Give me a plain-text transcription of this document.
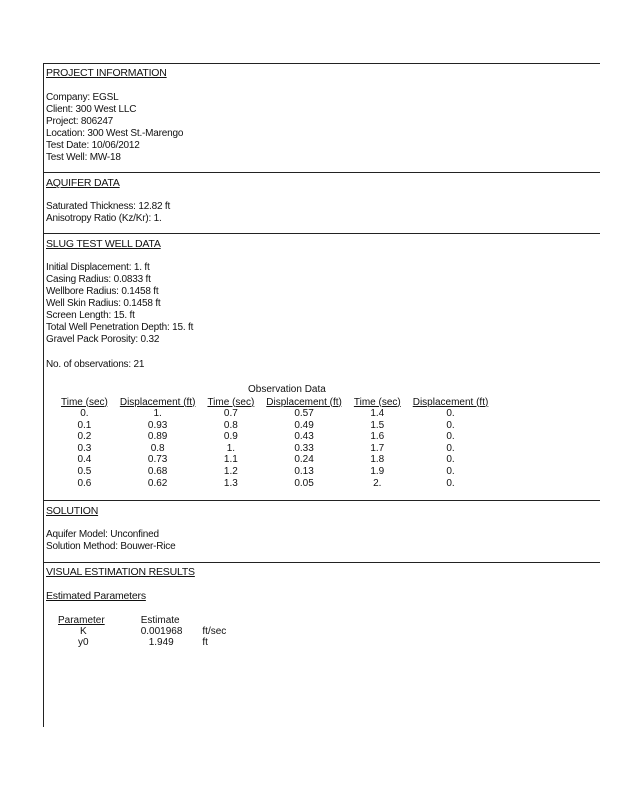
PROJECT INFORMATION
Company: EGSL
Client: 300 West LLC
Project: 806247
Location: 300 West St.-Marengo
Test Date: 10/06/2012
Test Well: MW-18
AQUIFER DATA
Saturated Thickness: 12.82 ft
Anisotropy Ratio (Kz/Kr): 1.
SLUG TEST WELL DATA
Initial Displacement: 1. ft
Casing Radius: 0.0833 ft
Wellbore Radius: 0.1458 ft
Well Skin Radius: 0.1458 ft
Screen Length: 15. ft
Total Well Penetration Depth: 15. ft
Gravel Pack Porosity: 0.32
No. of observations: 21
Observation Data
Time (sec)	Displacement (ft)	Time (sec)	Displacement (ft)	Time (sec)	Displacement (ft)
0.	1.	0.7	0.57	1.4	0.
0.1	0.93	0.8	0.49	1.5	0.
0.2	0.89	0.9	0.43	1.6	0.
0.3	0.8	1.	0.33	1.7	0.
0.4	0.73	1.1	0.24	1.8	0.
0.5	0.68	1.2	0.13	1.9	0.
0.6	0.62	1.3	0.05	2.	0.
SOLUTION
Aquifer Model: Unconfined
Solution Method: Bouwer-Rice
VISUAL ESTIMATION RESULTS
Estimated Parameters
Parameter	Estimate	
K	0.001968	ft/sec
y0	1.949	ft
